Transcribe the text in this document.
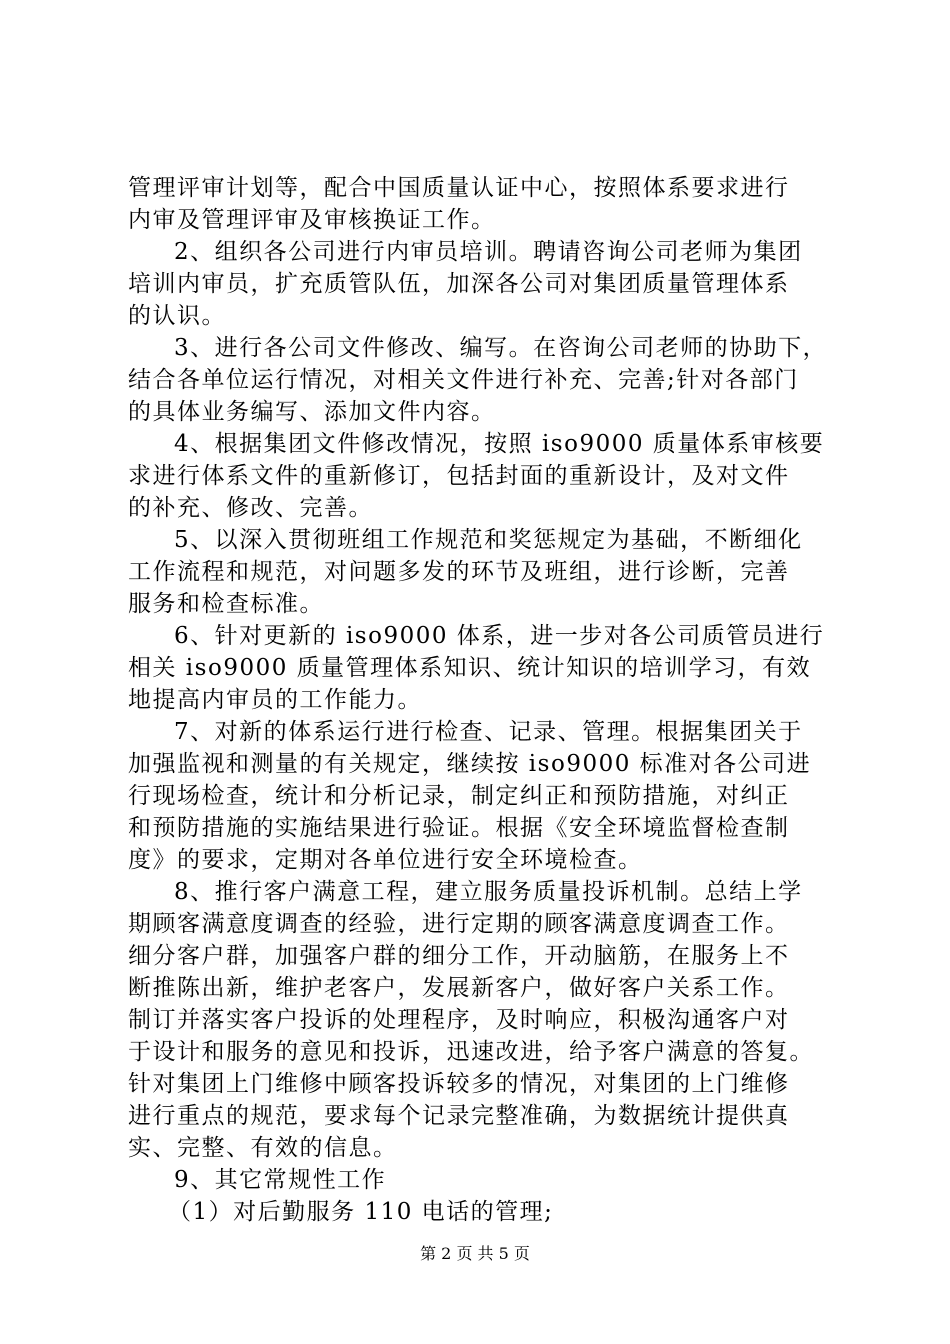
管理评审计划等，配合中国质量认证中心，按照体系要求进行
内审及管理评审及审核换证工作。
2、组织各公司进行内审员培训。聘请咨询公司老师为集团
培训内审员，扩充质管队伍，加深各公司对集团质量管理体系
的认识。
3、进行各公司文件修改、编写。在咨询公司老师的协助下，
结合各单位运行情况，对相关文件进行补充、完善;针对各部门
的具体业务编写、添加文件内容。
4、根据集团文件修改情况，按照 iso9000 质量体系审核要
求进行体系文件的重新修订，包括封面的重新设计，及对文件
的补充、修改、完善。
5、以深入贯彻班组工作规范和奖惩规定为基础，不断细化
工作流程和规范，对问题多发的环节及班组，进行诊断，完善
服务和检查标准。
6、针对更新的 iso9000 体系，进一步对各公司质管员进行
相关 iso9000 质量管理体系知识、统计知识的培训学习，有效
地提高内审员的工作能力。
7、对新的体系运行进行检查、记录、管理。根据集团关于
加强监视和测量的有关规定，继续按 iso9000 标准对各公司进
行现场检查，统计和分析记录，制定纠正和预防措施，对纠正
和预防措施的实施结果进行验证。根据《安全环境监督检查制
度》的要求，定期对各单位进行安全环境检查。
8、推行客户满意工程，建立服务质量投诉机制。总结上学
期顾客满意度调查的经验，进行定期的顾客满意度调查工作。
细分客户群，加强客户群的细分工作，开动脑筋，在服务上不
断推陈出新，维护老客户，发展新客户，做好客户关系工作。
制订并落实客户投诉的处理程序，及时响应，积极沟通客户对
于设计和服务的意见和投诉，迅速改进，给予客户满意的答复。
针对集团上门维修中顾客投诉较多的情况，对集团的上门维修
进行重点的规范，要求每个记录完整准确，为数据统计提供真
实、完整、有效的信息。
9、其它常规性工作
（1）对后勤服务 110 电话的管理;
第 2 页 共 5 页
